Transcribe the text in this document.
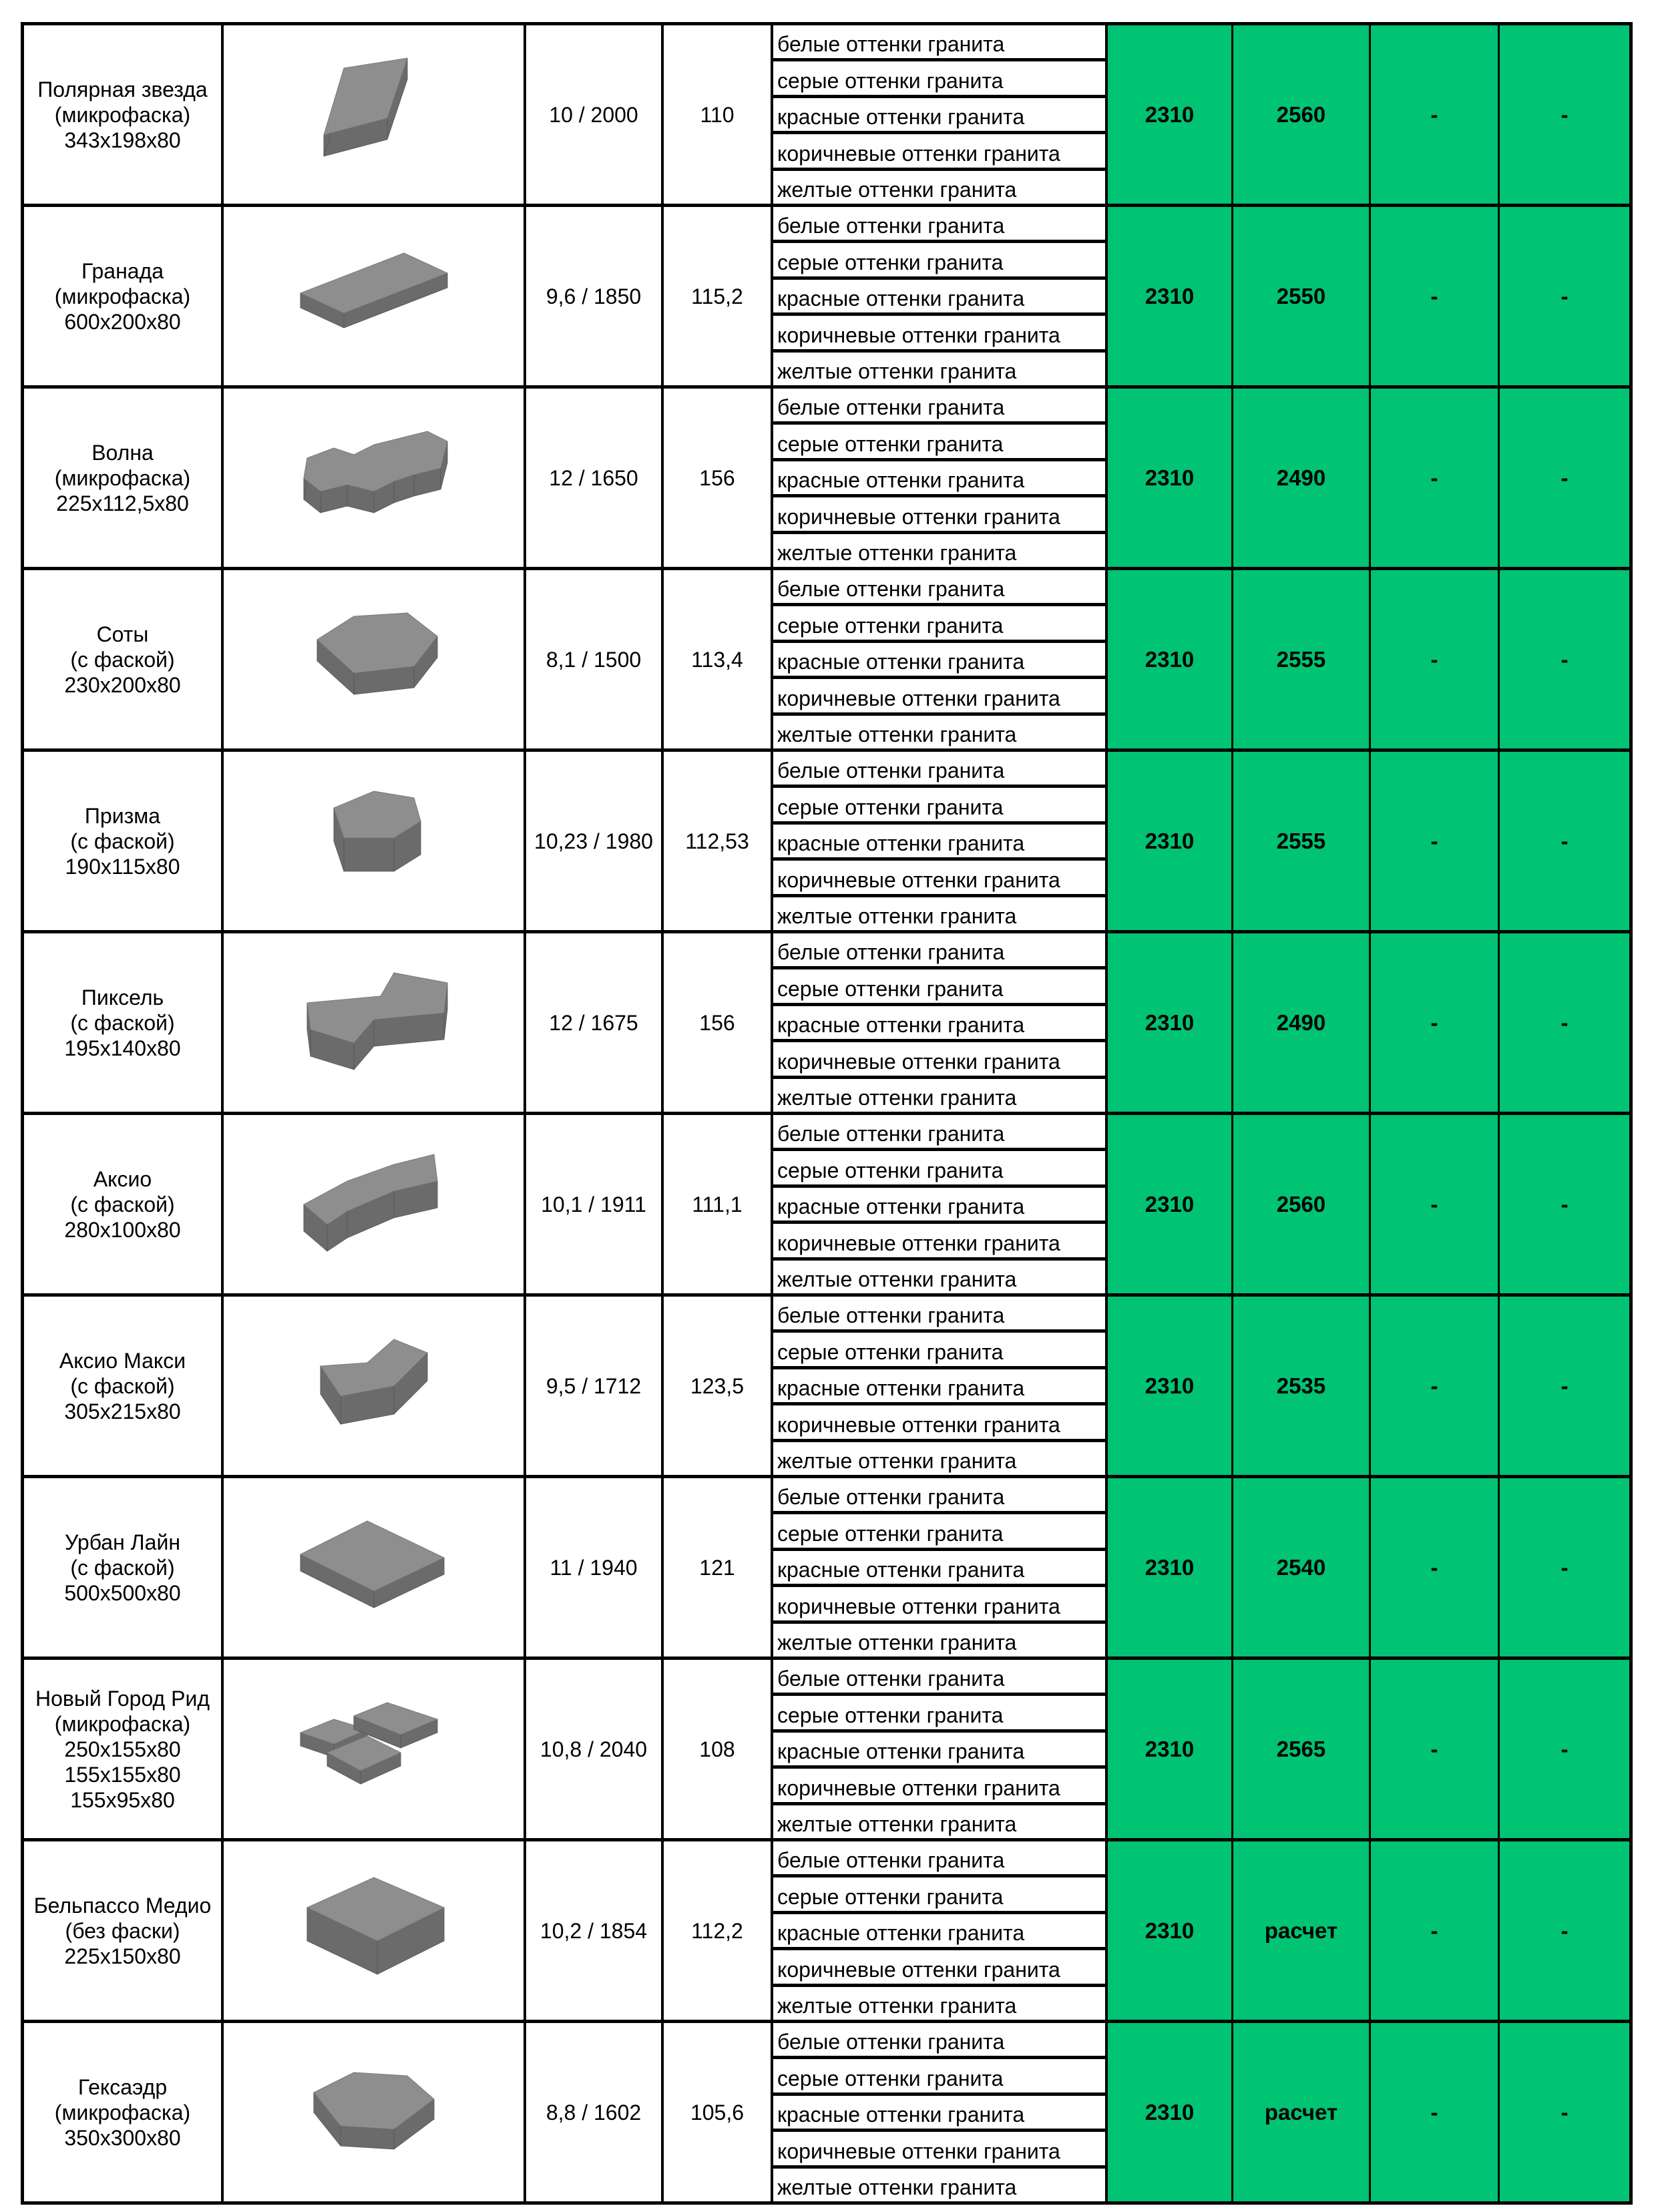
Полярная звезда
(микрофаска)
343x198x80
10 / 2000	110
белые оттенки гранита
серые оттенки гранита
красные оттенки гранита
коричневые оттенки гранита
желтые оттенки гранита
2310	2560	-	-
Гранада
(микрофаска)
600x200x80
9,6 / 1850	115,2
белые оттенки гранита
серые оттенки гранита
красные оттенки гранита
коричневые оттенки гранита
желтые оттенки гранита
2310	2550	-	-
Волна
(микрофаска)
225x112,5x80
12 / 1650	156
белые оттенки гранита
серые оттенки гранита
красные оттенки гранита
коричневые оттенки гранита
желтые оттенки гранита
2310	2490	-	-
Соты
(с фаской)
230x200x80
8,1 / 1500	113,4
белые оттенки гранита
серые оттенки гранита
красные оттенки гранита
коричневые оттенки гранита
желтые оттенки гранита
2310	2555	-	-
Призма
(с фаской)
190x115x80
10,23 / 1980	112,53
белые оттенки гранита
серые оттенки гранита
красные оттенки гранита
коричневые оттенки гранита
желтые оттенки гранита
2310	2555	-	-
Пиксель
(с фаской)
195x140x80
12 / 1675	156
белые оттенки гранита
серые оттенки гранита
красные оттенки гранита
коричневые оттенки гранита
желтые оттенки гранита
2310	2490	-	-
Аксио
(с фаской)
280x100x80
10,1 / 1911	111,1
белые оттенки гранита
серые оттенки гранита
красные оттенки гранита
коричневые оттенки гранита
желтые оттенки гранита
2310	2560	-	-
Аксио Макси
(с фаской)
305x215x80
9,5 / 1712	123,5
белые оттенки гранита
серые оттенки гранита
красные оттенки гранита
коричневые оттенки гранита
желтые оттенки гранита
2310	2535	-	-
Урбан Лайн
(с фаской)
500x500x80
11 / 1940	121
белые оттенки гранита
серые оттенки гранита
красные оттенки гранита
коричневые оттенки гранита
желтые оттенки гранита
2310	2540	-	-
Новый Город Рид
(микрофаска)
250x155x80
155x155x80
155x95x80
10,8 / 2040	108
белые оттенки гранита
серые оттенки гранита
красные оттенки гранита
коричневые оттенки гранита
желтые оттенки гранита
2310	2565	-	-
Бельпассо Медио
(без фаски)
225x150x80
10,2 / 1854	112,2
белые оттенки гранита
серые оттенки гранита
красные оттенки гранита
коричневые оттенки гранита
желтые оттенки гранита
2310	расчет	-	-
Гексаэдр
(микрофаска)
350x300x80
8,8 / 1602	105,6
белые оттенки гранита
серые оттенки гранита
красные оттенки гранита
коричневые оттенки гранита
желтые оттенки гранита
2310	расчет	-	-
